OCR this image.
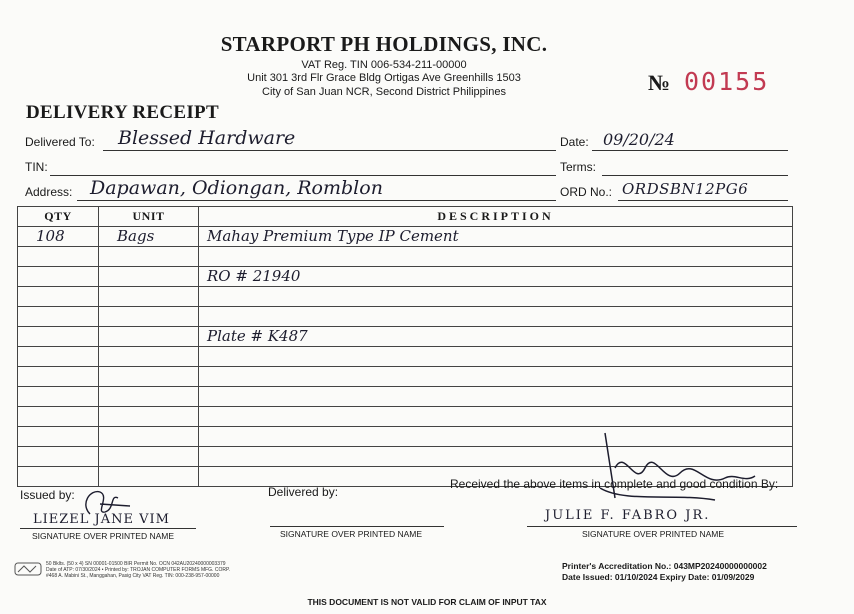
STARPORT PH HOLDINGS, INC.
VAT Reg. TIN 006-534-211-00000
Unit 301 3rd Flr Grace Bldg Ortigas Ave Greenhills 1503
City of San Juan NCR, Second District Philippines	№ 00155
DELIVERY RECEIPT
Delivered To: Blessed Hardware
TIN:
Address: Dapawan, Odiongan, Romblon
Date: 09/20/24
Terms:
ORD No.: ORDSBN12PG6
QTY	UNIT	DESCRIPTION
108	Bags	Mahay Premium Type IP Cement

		RO # 21940

		Plate # K487

Issued by:
LIEZEL JANE VIM
SIGNATURE OVER PRINTED NAME
Delivered by:
SIGNATURE OVER PRINTED NAME
Received the above items in complete and good condition By:
JULIE F. FABRO JR.
SIGNATURE OVER PRINTED NAME
50 Bklts. (50 x 4) SN 00001-01500 BIR Permit No. OCN 042AU20240000003379
Date of ATP: 07/30/2024 • Printed by: TROJAN COMPUTER FORMS MFG. CORP.
#468 A. Mabini St., Manggahan, Pasig City VAT Reg. TIN: 000-238-957-00000
Printer's Accreditation No.: 043MP20240000000002
Date Issued: 01/10/2024 Expiry Date: 01/09/2029
THIS DOCUMENT IS NOT VALID FOR CLAIM OF INPUT TAX
